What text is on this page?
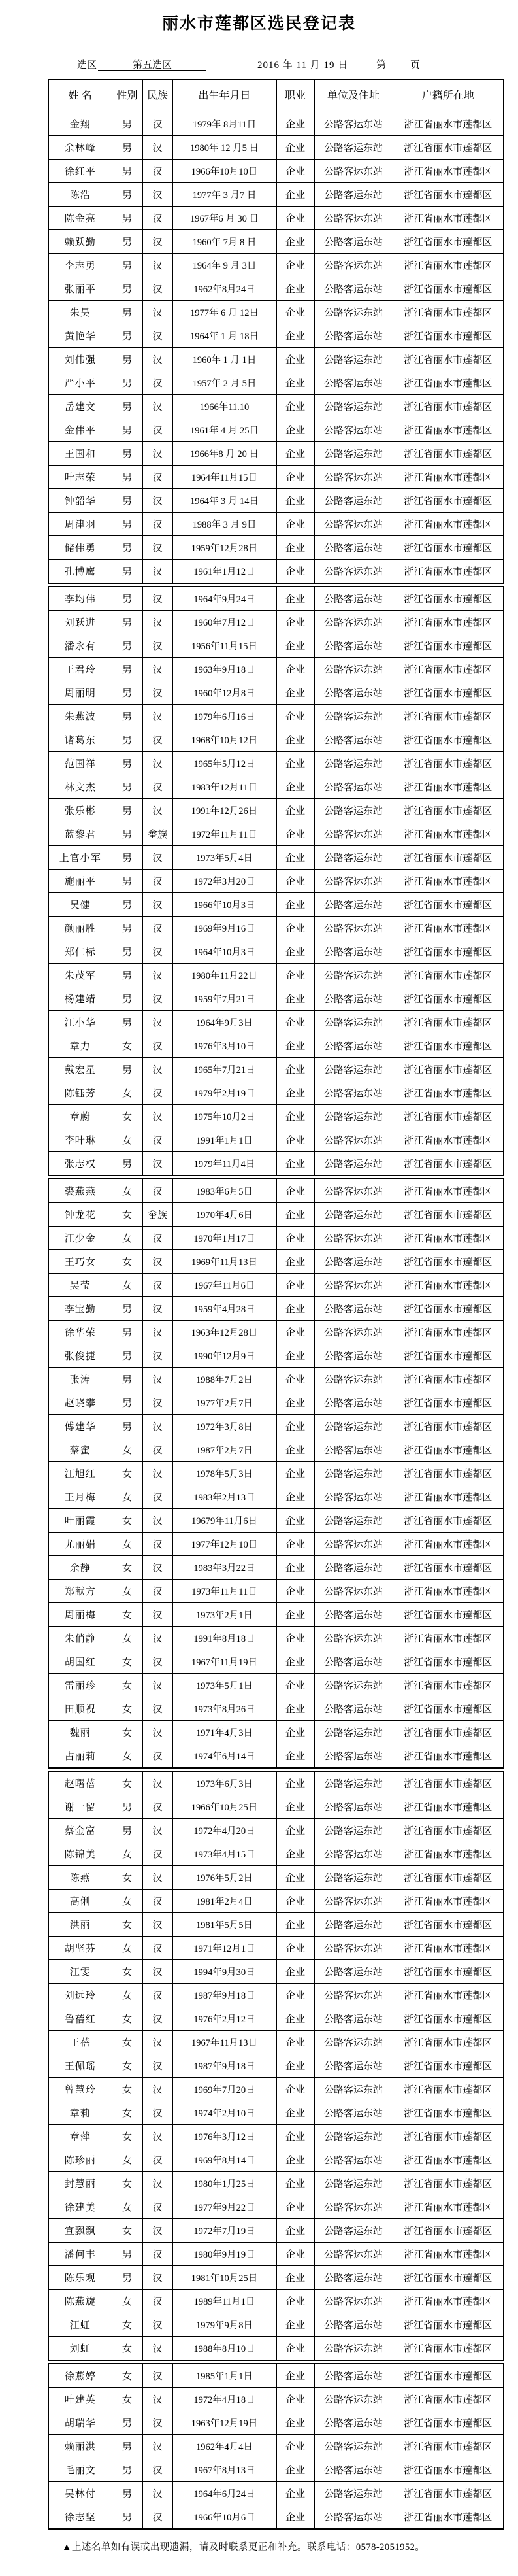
丽水市莲都区选民登记表
选区	第五选区	2016 年 11 月 19 日	第 页
姓 名	性别	民族	出生年月日	职业	单位及住址	户籍所在地
金翔	男	汉	1979年 8月11日	企业	公路客运东站	浙江省丽水市莲都区
余林峰	男	汉	1980年 12 月5 日	企业	公路客运东站	浙江省丽水市莲都区
徐红平	男	汉	1966年10月10日	企业	公路客运东站	浙江省丽水市莲都区
陈浩	男	汉	1977年 3 月7 日	企业	公路客运东站	浙江省丽水市莲都区
陈金亮	男	汉	1967年6 月 30 日	企业	公路客运东站	浙江省丽水市莲都区
赖跃勤	男	汉	1960年 7月 8 日	企业	公路客运东站	浙江省丽水市莲都区
李志勇	男	汉	1964年 9 月 3日	企业	公路客运东站	浙江省丽水市莲都区
张丽平	男	汉	1962年8月24日	企业	公路客运东站	浙江省丽水市莲都区
朱昊	男	汉	1977年 6 月 12日	企业	公路客运东站	浙江省丽水市莲都区
黄艳华	男	汉	1964年 1 月 18日	企业	公路客运东站	浙江省丽水市莲都区
刘伟强	男	汉	1960年 1 月 1日	企业	公路客运东站	浙江省丽水市莲都区
严小平	男	汉	1957年 2 月 5日	企业	公路客运东站	浙江省丽水市莲都区
岳建文	男	汉	1966年11.10	企业	公路客运东站	浙江省丽水市莲都区
金伟平	男	汉	1961年 4 月 25日	企业	公路客运东站	浙江省丽水市莲都区
王国和	男	汉	1966年8 月 20 日	企业	公路客运东站	浙江省丽水市莲都区
叶志荣	男	汉	1964年11月15日	企业	公路客运东站	浙江省丽水市莲都区
钟韶华	男	汉	1964年 3 月 14日	企业	公路客运东站	浙江省丽水市莲都区
周津羽	男	汉	1988年 3 月 9日	企业	公路客运东站	浙江省丽水市莲都区
储伟勇	男	汉	1959年12月28日	企业	公路客运东站	浙江省丽水市莲都区
孔博鹰	男	汉	1961年1月12日	企业	公路客运东站	浙江省丽水市莲都区
李均伟	男	汉	1964年9月24日	企业	公路客运东站	浙江省丽水市莲都区
刘跃进	男	汉	1960年7月12日	企业	公路客运东站	浙江省丽水市莲都区
潘永有	男	汉	1956年11月15日	企业	公路客运东站	浙江省丽水市莲都区
王君玲	男	汉	1963年9月18日	企业	公路客运东站	浙江省丽水市莲都区
周丽明	男	汉	1960年12月8日	企业	公路客运东站	浙江省丽水市莲都区
朱燕波	男	汉	1979年6月16日	企业	公路客运东站	浙江省丽水市莲都区
诸葛东	男	汉	1968年10月12日	企业	公路客运东站	浙江省丽水市莲都区
范国祥	男	汉	1965年5月12日	企业	公路客运东站	浙江省丽水市莲都区
林文杰	男	汉	1983年12月11日	企业	公路客运东站	浙江省丽水市莲都区
张乐彬	男	汉	1991年12月26日	企业	公路客运东站	浙江省丽水市莲都区
蓝黎君	男	畲族	1972年11月11日	企业	公路客运东站	浙江省丽水市莲都区
上官小军	男	汉	1973年5月4日	企业	公路客运东站	浙江省丽水市莲都区
施丽平	男	汉	1972年3月20日	企业	公路客运东站	浙江省丽水市莲都区
吴健	男	汉	1966年10月3日	企业	公路客运东站	浙江省丽水市莲都区
颜丽胜	男	汉	1969年9月16日	企业	公路客运东站	浙江省丽水市莲都区
郑仁标	男	汉	1964年10月3日	企业	公路客运东站	浙江省丽水市莲都区
朱茂军	男	汉	1980年11月22日	企业	公路客运东站	浙江省丽水市莲都区
杨建靖	男	汉	1959年7月21日	企业	公路客运东站	浙江省丽水市莲都区
江小华	男	汉	1964年9月3日	企业	公路客运东站	浙江省丽水市莲都区
章力	女	汉	1976年3月10日	企业	公路客运东站	浙江省丽水市莲都区
戴宏星	男	汉	1965年7月21日	企业	公路客运东站	浙江省丽水市莲都区
陈钰芳	女	汉	1979年2月19日	企业	公路客运东站	浙江省丽水市莲都区
章蔚	女	汉	1975年10月2日	企业	公路客运东站	浙江省丽水市莲都区
李叶琳	女	汉	1991年1月1日	企业	公路客运东站	浙江省丽水市莲都区
张志权	男	汉	1979年11月4日	企业	公路客运东站	浙江省丽水市莲都区
裘燕燕	女	汉	1983年6月5日	企业	公路客运东站	浙江省丽水市莲都区
钟龙花	女	畲族	1970年4月6日	企业	公路客运东站	浙江省丽水市莲都区
江少金	女	汉	1970年1月17日	企业	公路客运东站	浙江省丽水市莲都区
王巧女	女	汉	1969年11月13日	企业	公路客运东站	浙江省丽水市莲都区
吴莹	女	汉	1967年11月6日	企业	公路客运东站	浙江省丽水市莲都区
李宝勤	男	汉	1959年4月28日	企业	公路客运东站	浙江省丽水市莲都区
徐华荣	男	汉	1963年12月28日	企业	公路客运东站	浙江省丽水市莲都区
张俊捷	男	汉	1990年12月9日	企业	公路客运东站	浙江省丽水市莲都区
张涛	男	汉	1988年7月2日	企业	公路客运东站	浙江省丽水市莲都区
赵晓攀	男	汉	1977年2月7日	企业	公路客运东站	浙江省丽水市莲都区
傅建华	男	汉	1972年3月8日	企业	公路客运东站	浙江省丽水市莲都区
蔡蜜	女	汉	1987年2月7日	企业	公路客运东站	浙江省丽水市莲都区
江旭红	女	汉	1978年5月3日	企业	公路客运东站	浙江省丽水市莲都区
王月梅	女	汉	1983年2月13日	企业	公路客运东站	浙江省丽水市莲都区
叶丽霞	女	汉	19679年11月6日	企业	公路客运东站	浙江省丽水市莲都区
尤丽娟	女	汉	1977年12月10日	企业	公路客运东站	浙江省丽水市莲都区
余静	女	汉	1983年3月22日	企业	公路客运东站	浙江省丽水市莲都区
郑献方	女	汉	1973年11月11日	企业	公路客运东站	浙江省丽水市莲都区
周丽梅	女	汉	1973年2月1日	企业	公路客运东站	浙江省丽水市莲都区
朱俏静	女	汉	1991年8月18日	企业	公路客运东站	浙江省丽水市莲都区
胡国红	女	汉	1967年11月19日	企业	公路客运东站	浙江省丽水市莲都区
雷丽珍	女	汉	1973年5月1日	企业	公路客运东站	浙江省丽水市莲都区
田顺祝	女	汉	1973年8月26日	企业	公路客运东站	浙江省丽水市莲都区
魏丽	女	汉	1971年4月3日	企业	公路客运东站	浙江省丽水市莲都区
占丽莉	女	汉	1974年6月14日	企业	公路客运东站	浙江省丽水市莲都区
赵曙蓓	女	汉	1973年6月3日	企业	公路客运东站	浙江省丽水市莲都区
谢一留	男	汉	1966年10月25日	企业	公路客运东站	浙江省丽水市莲都区
蔡金富	男	汉	1972年4月20日	企业	公路客运东站	浙江省丽水市莲都区
陈锦美	女	汉	1973年4月15日	企业	公路客运东站	浙江省丽水市莲都区
陈燕	女	汉	1976年5月2日	企业	公路客运东站	浙江省丽水市莲都区
高俐	女	汉	1981年2月4日	企业	公路客运东站	浙江省丽水市莲都区
洪丽	女	汉	1981年5月5日	企业	公路客运东站	浙江省丽水市莲都区
胡坚芬	女	汉	1971年12月1日	企业	公路客运东站	浙江省丽水市莲都区
江雯	女	汉	1994年9月30日	企业	公路客运东站	浙江省丽水市莲都区
刘远玲	女	汉	1987年9月18日	企业	公路客运东站	浙江省丽水市莲都区
鲁蓓红	女	汉	1976年2月12日	企业	公路客运东站	浙江省丽水市莲都区
王蓓	女	汉	1967年11月13日	企业	公路客运东站	浙江省丽水市莲都区
王佩瑶	女	汉	1987年9月18日	企业	公路客运东站	浙江省丽水市莲都区
曾慧玲	女	汉	1969年7月20日	企业	公路客运东站	浙江省丽水市莲都区
章莉	女	汉	1974年2月10日	企业	公路客运东站	浙江省丽水市莲都区
章萍	女	汉	1976年3月12日	企业	公路客运东站	浙江省丽水市莲都区
陈珍丽	女	汉	1969年8月14日	企业	公路客运东站	浙江省丽水市莲都区
封慧丽	女	汉	1980年1月25日	企业	公路客运东站	浙江省丽水市莲都区
徐建美	女	汉	1977年9月22日	企业	公路客运东站	浙江省丽水市莲都区
宣飘飘	女	汉	1972年7月19日	企业	公路客运东站	浙江省丽水市莲都区
潘何丰	男	汉	1980年9月19日	企业	公路客运东站	浙江省丽水市莲都区
陈乐观	男	汉	1981年10月25日	企业	公路客运东站	浙江省丽水市莲都区
陈燕旋	女	汉	1989年11月1日	企业	公路客运东站	浙江省丽水市莲都区
江虹	女	汉	1979年9月8日	企业	公路客运东站	浙江省丽水市莲都区
刘虹	女	汉	1988年8月10日	企业	公路客运东站	浙江省丽水市莲都区
徐燕婷	女	汉	1985年1月1日	企业	公路客运东站	浙江省丽水市莲都区
叶建英	女	汉	1972年4月18日	企业	公路客运东站	浙江省丽水市莲都区
胡瑞华	男	汉	1963年12月19日	企业	公路客运东站	浙江省丽水市莲都区
赖丽洪	男	汉	1962年4月4日	企业	公路客运东站	浙江省丽水市莲都区
毛丽文	男	汉	1967年8月13日	企业	公路客运东站	浙江省丽水市莲都区
吴林付	男	汉	1964年6月24日	企业	公路客运东站	浙江省丽水市莲都区
徐志坚	男	汉	1966年10月6日	企业	公路客运东站	浙江省丽水市莲都区
▲上述名单如有误或出现遗漏，请及时联系更正和补充。联系电话：0578-2051952。
